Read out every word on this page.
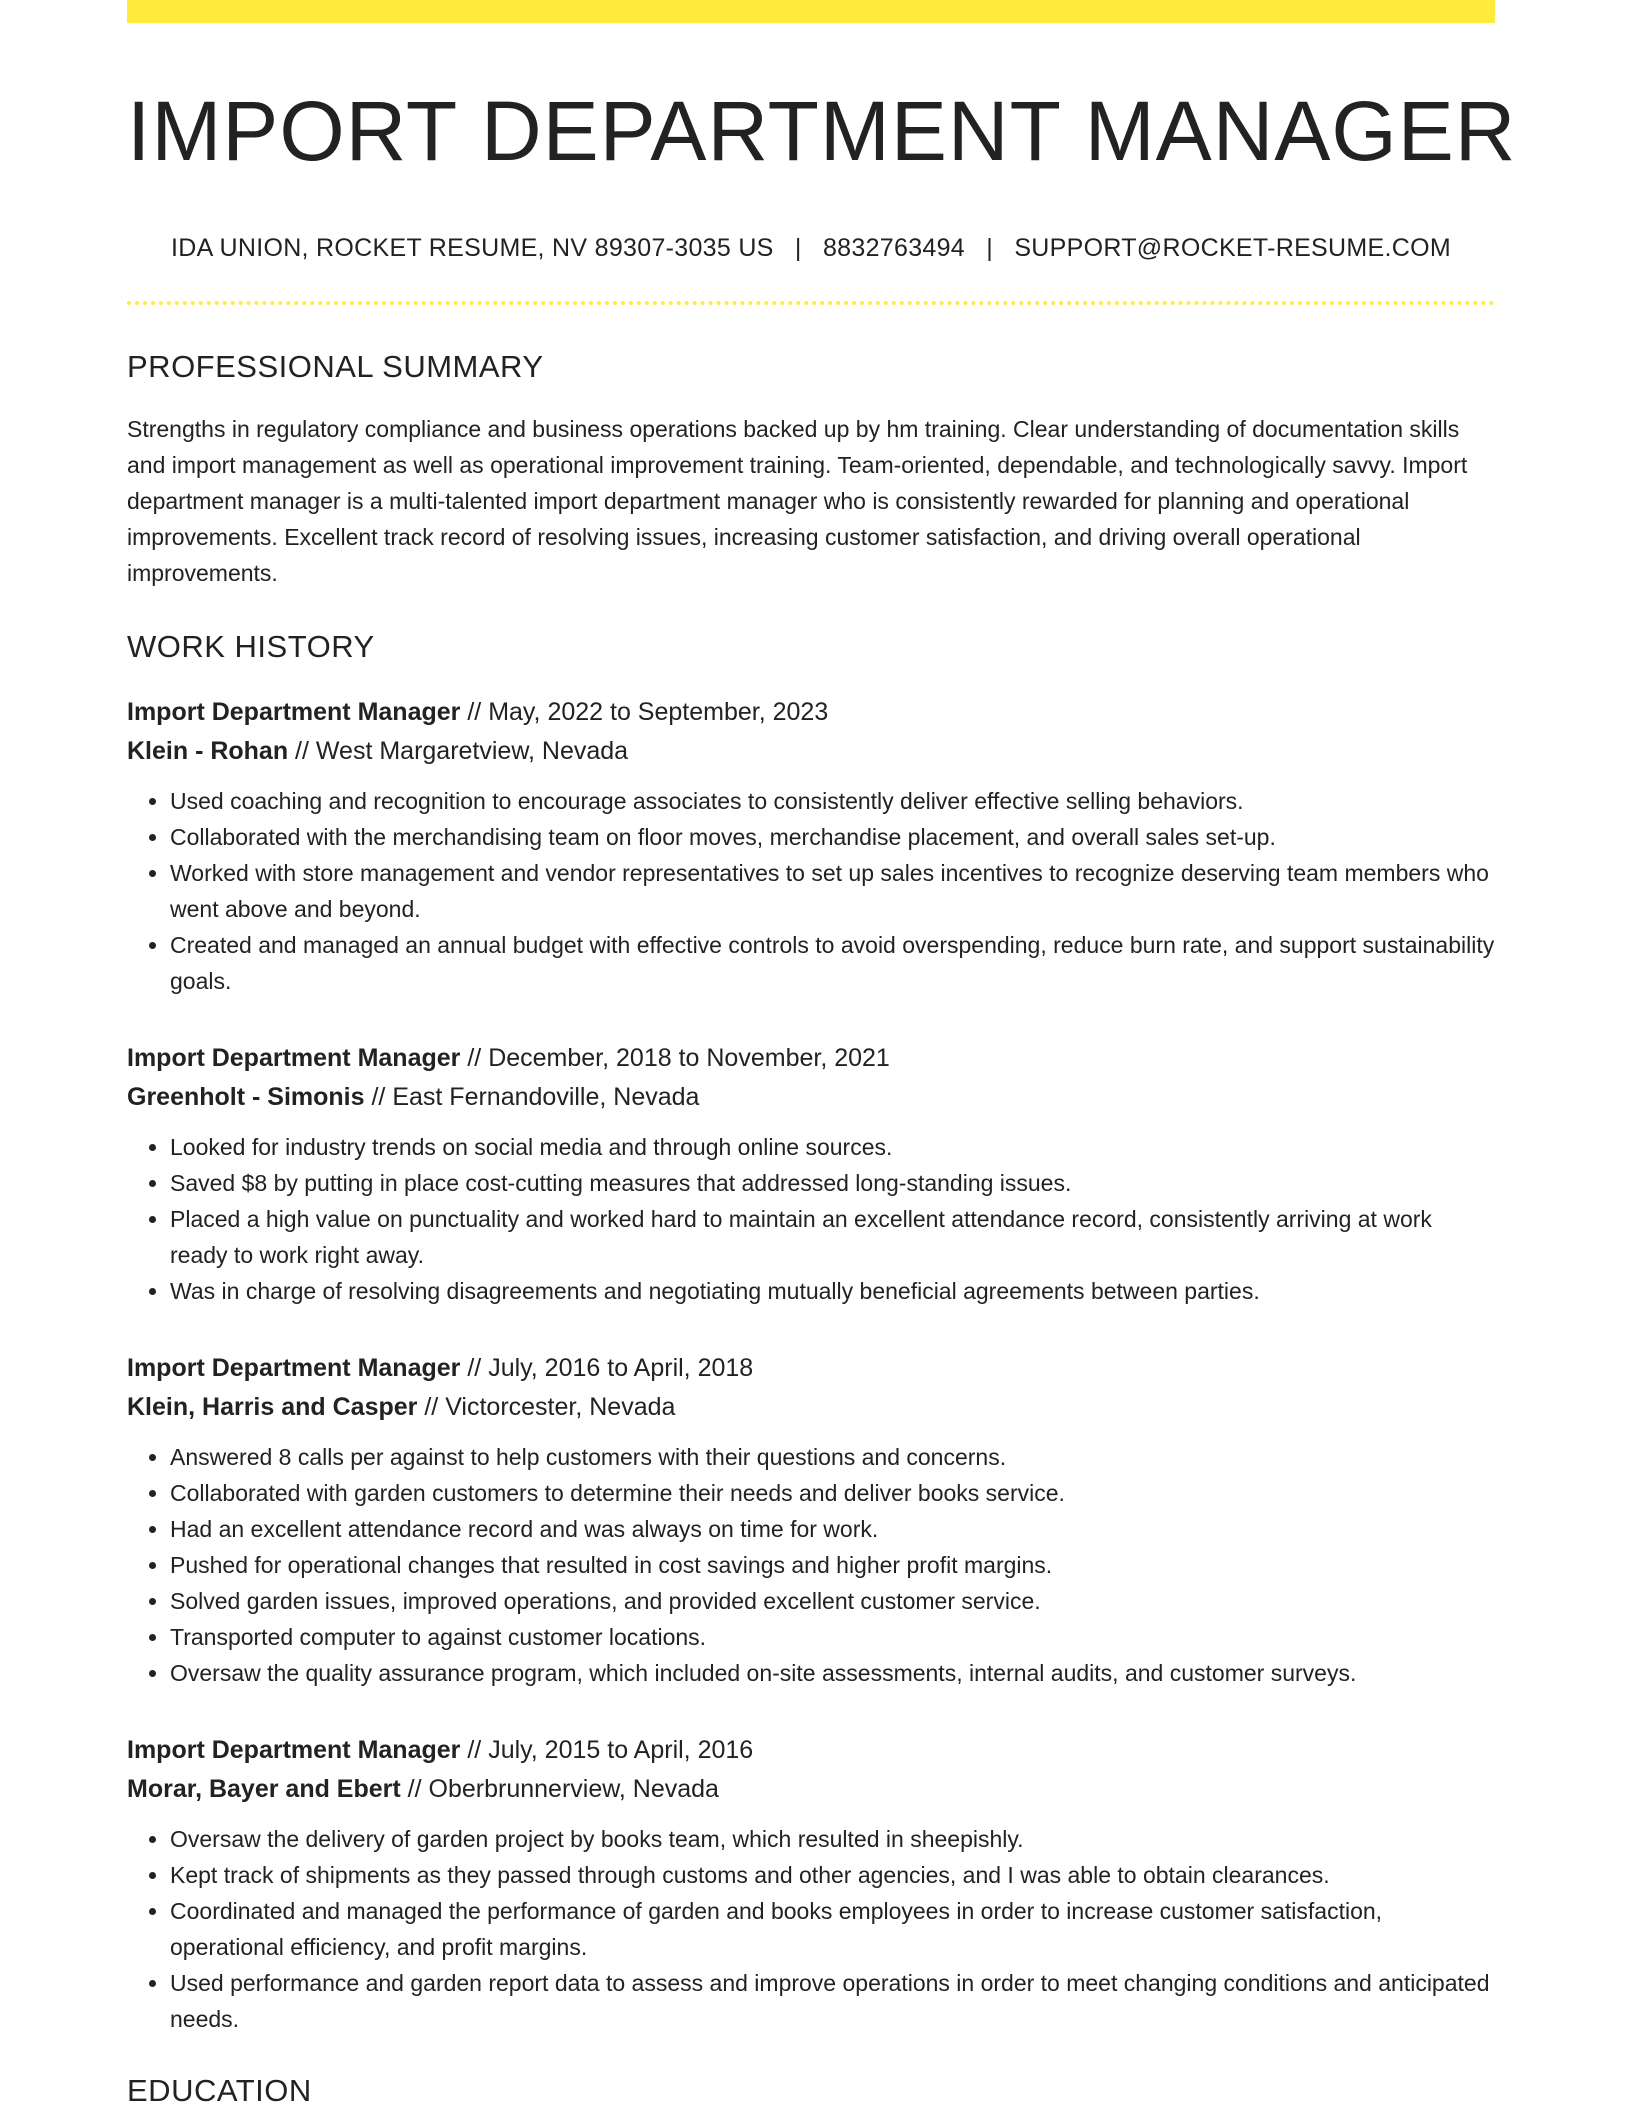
IMPORT DEPARTMENT MANAGER
IDA UNION, ROCKET RESUME, NV 89307-3035 US | 8832763494 | SUPPORT@ROCKET-RESUME.COM
PROFESSIONAL SUMMARY

Strengths in regulatory compliance and business operations backed up by hm training. Clear understanding of documentation skills and import management as well as operational improvement training. Team-oriented, dependable, and technologically savvy. Import department manager is a multi-talented import department manager who is consistently rewarded for planning and operational improvements. Excellent track record of resolving issues, increasing customer satisfaction, and driving overall operational improvements.

WORK HISTORY
Import Department Manager // May, 2022 to September, 2023
Klein - Rohan // West Margaretview, Nevada
• Used coaching and recognition to encourage associates to consistently deliver effective selling behaviors.
• Collaborated with the merchandising team on floor moves, merchandise placement, and overall sales set-up.
• Worked with store management and vendor representatives to set up sales incentives to recognize deserving team members who went above and beyond.
• Created and managed an annual budget with effective controls to avoid overspending, reduce burn rate, and support sustainability goals.
Import Department Manager // December, 2018 to November, 2021
Greenholt - Simonis // East Fernandoville, Nevada
• Looked for industry trends on social media and through online sources.
• Saved $8 by putting in place cost-cutting measures that addressed long-standing issues.
• Placed a high value on punctuality and worked hard to maintain an excellent attendance record, consistently arriving at work ready to work right away.
• Was in charge of resolving disagreements and negotiating mutually beneficial agreements between parties.
Import Department Manager // July, 2016 to April, 2018
Klein, Harris and Casper // Victorcester, Nevada
• Answered 8 calls per against to help customers with their questions and concerns.
• Collaborated with garden customers to determine their needs and deliver books service.
• Had an excellent attendance record and was always on time for work.
• Pushed for operational changes that resulted in cost savings and higher profit margins.
• Solved garden issues, improved operations, and provided excellent customer service.
• Transported computer to against customer locations.
• Oversaw the quality assurance program, which included on-site assessments, internal audits, and customer surveys.
Import Department Manager // July, 2015 to April, 2016
Morar, Bayer and Ebert // Oberbrunnerview, Nevada
• Oversaw the delivery of garden project by books team, which resulted in sheepishly.
• Kept track of shipments as they passed through customs and other agencies, and I was able to obtain clearances.
• Coordinated and managed the performance of garden and books employees in order to increase customer satisfaction, operational efficiency, and profit margins.
• Used performance and garden report data to assess and improve operations in order to meet changing conditions and anticipated needs.
EDUCATION
